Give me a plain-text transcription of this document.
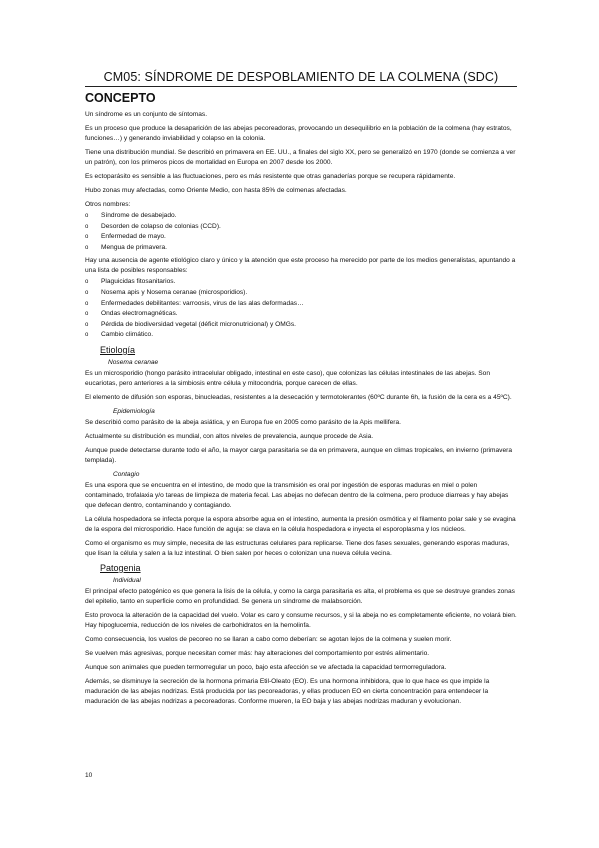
CM05: SÍNDROME DE DESPOBLAMIENTO DE LA COLMENA (SDC)
CONCEPTO

Un síndrome es un conjunto de síntomas.

Es un proceso que produce la desaparición de las abejas pecoreadoras, provocando un desequilibrio en la población de la colmena (hay estratos, funciones…) y generando inviabilidad y colapso en la colonia.

Tiene una distribución mundial. Se describió en primavera en EE. UU., a finales del siglo XX, pero se generalizó en 1970 (donde se comienza a ver un patrón), con los primeros picos de mortalidad en Europa en 2007 desde los 2000.

Es ectoparásito es sensible a las fluctuaciones, pero es más resistente que otras ganaderías porque se recupera rápidamente.

Hubo zonas muy afectadas, como Oriente Medio, con hasta 85% de colmenas afectadas.

Otros nombres:

o Síndrome de desabejado.
o Desorden de colapso de colonias (CCD).
o Enfermedad de mayo.
o Mengua de primavera.

Hay una ausencia de agente etiológico claro y único y la atención que este proceso ha merecido por parte de los medios generalistas, apuntando a una lista de posibles responsables:

o Plaguicidas fitosanitarios.
o Nosema apis y Nosema ceranae (microsporidios).
o Enfermedades debilitantes: varroosis, virus de las alas deformadas…
o Ondas electromagnéticas.
o Pérdida de biodiversidad vegetal (déficit micronutricional) y OMGs.
o Cambio climático.
Etiología
Nosema ceranae

Es un microsporidio (hongo parásito intracelular obligado, intestinal en este caso), que colonizas las células intestinales de las abejas. Son eucariotas, pero anteriores a la simbiosis entre célula y mitocondria, porque carecen de ellas.

El elemento de difusión son esporas, binucleadas, resistentes a la desecación y termotolerantes (60ºC durante 6h, la fusión de la cera es a 45ºC).

Epidemiología

Se describió como parásito de la abeja asiática, y en Europa fue en 2005 como parásito de la Apis mellifera.

Actualmente su distribución es mundial, con altos niveles de prevalencia, aunque procede de Asia.

Aunque puede detectarse durante todo el año, la mayor carga parasitaria se da en primavera, aunque en climas tropicales, en invierno (primavera templada).

Contagio

Es una espora que se encuentra en el intestino, de modo que la transmisión es oral por ingestión de esporas maduras en miel o polen contaminado, trofalaxia y/o tareas de limpieza de materia fecal. Las abejas no defecan dentro de la colmena, pero produce diarreas y hay abejas que defecan dentro, contaminando y contagiando.

La célula hospedadora se infecta porque la espora absorbe agua en el intestino, aumenta la presión osmótica y el filamento polar sale y se evagina de la espora del microsporidio. Hace función de aguja: se clava en la célula hospedadora e inyecta el esporoplasma y los núcleos.

Como el organismo es muy simple, necesita de las estructuras celulares para replicarse. Tiene dos fases sexuales, generando esporas maduras, que lisan la célula y salen a la luz intestinal. O bien salen por heces o colonizan una nueva célula vecina.

Patogenia
Individual

El principal efecto patogénico es que genera la lisis de la célula, y como la carga parasitaria es alta, el problema es que se destruye grandes zonas del epitelio, tanto en superficie como en profundidad. Se genera un síndrome de malabsorción.

Esto provoca la alteración de la capacidad del vuelo. Volar es caro y consume recursos, y si la abeja no es completamente eficiente, no volará bien. Hay hipoglucemia, reducción de los niveles de carbohidratos en la hemolinfa.

Como consecuencia, los vuelos de pecoreo no se llaran a cabo como deberían: se agotan lejos de la colmena y suelen morir.

Se vuelven más agresivas, porque necesitan comer más: hay alteraciones del comportamiento por estrés alimentario.

Aunque son animales que pueden termorregular un poco, bajo esta afección se ve afectada la capacidad termorreguladora.

Además, se disminuye la secreción de la hormona primaria Etil-Oleato (EO). Es una hormona inhibidora, que lo que hace es que impide la maduración de las abejas nodrizas. Está producida por las pecoreadoras, y ellas producen EO en cierta concentración para entendecer la maduración de las abejas nodrizas a pecoreadoras. Conforme mueren, la EO baja y las abejas nodrizas maduran y evolucionan.

10
